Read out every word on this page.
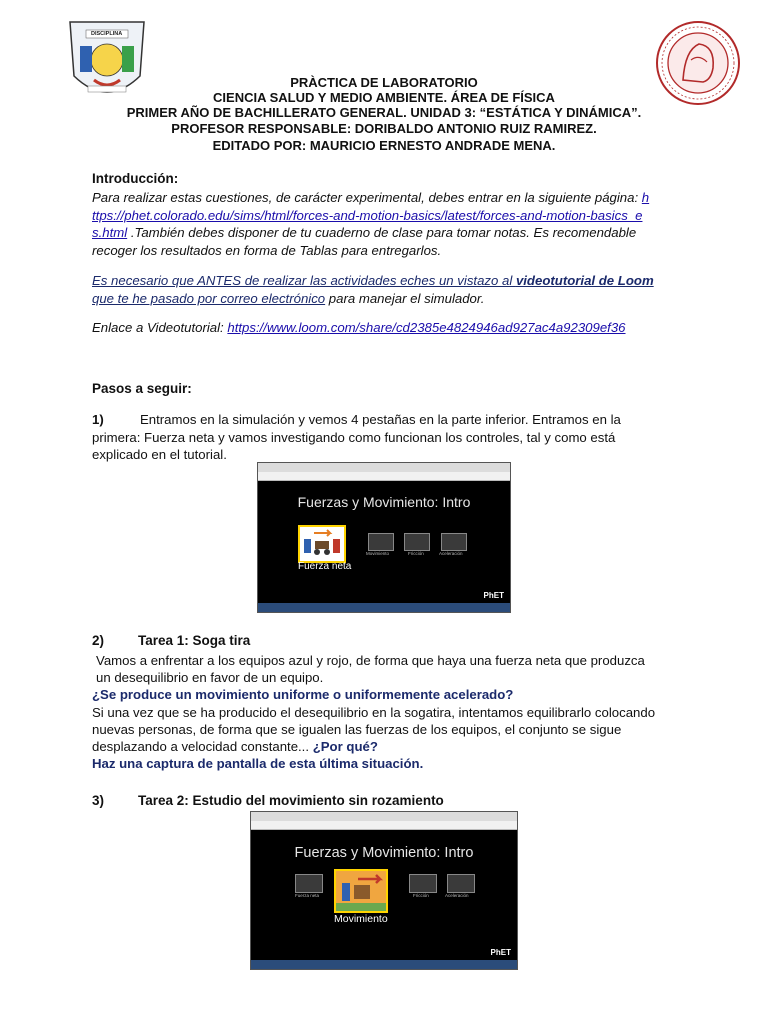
DISCIPLINA
PRÀCTICA DE LABORATORIO
CIENCIA SALUD Y MEDIO AMBIENTE. ÁREA DE FÍSICA
PRIMER AÑO DE BACHILLERATO GENERAL. UNIDAD 3: “ESTÁTICA Y DINÁMICA”.
PROFESOR RESPONSABLE: DORIBALDO ANTONIO RUIZ RAMIREZ.
EDITADO POR: MAURICIO ERNESTO ANDRADE MENA.
Introducción:
Para realizar estas cuestiones, de carácter experimental, debes entrar en la siguiente página: https://phet.colorado.edu/sims/html/forces-and-motion-basics/latest/forces-and-motion-basics_es.html .También debes disponer de tu cuaderno de clase para tomar notas. Es recomendable recoger los resultados en forma de Tablas para entregarlos.
Es necesario que ANTES de realizar las actividades eches un vistazo al videotutorial de Loom que te he pasado por correo electrónico para manejar el simulador.
Enlace a Videotutorial: https://www.loom.com/share/cd2385e4824946ad927ac4a92309ef36
Pasos a seguir:
1)	Entramos en la simulación y vemos 4 pestañas en la parte inferior. Entramos en la primera: Fuerza neta y vamos investigando como funcionan los controles, tal y como está explicado en el tutorial.
Fuerzas y Movimiento: Intro
Fuerza neta
Movimiento	Fricción	Aceleración
PhET
2)	Tarea 1: Soga tira
Vamos a enfrentar a los equipos azul y rojo, de forma que haya una fuerza neta que produzca un desequilibrio en favor de un equipo.
¿Se produce un movimiento uniforme o uniformemente acelerado?
Si una vez que se ha producido el desequilibrio en la sogatira, intentamos equilibrarlo colocando nuevas personas, de forma que se igualen las fuerzas de los equipos, el conjunto se sigue desplazando a velocidad constante... ¿Por qué?
Haz una captura de pantalla de esta última situación.
3)	Tarea 2: Estudio del movimiento sin rozamiento
Fuerzas y Movimiento: Intro
Fuerza neta
Movimiento
Fricción	Aceleración
PhET
